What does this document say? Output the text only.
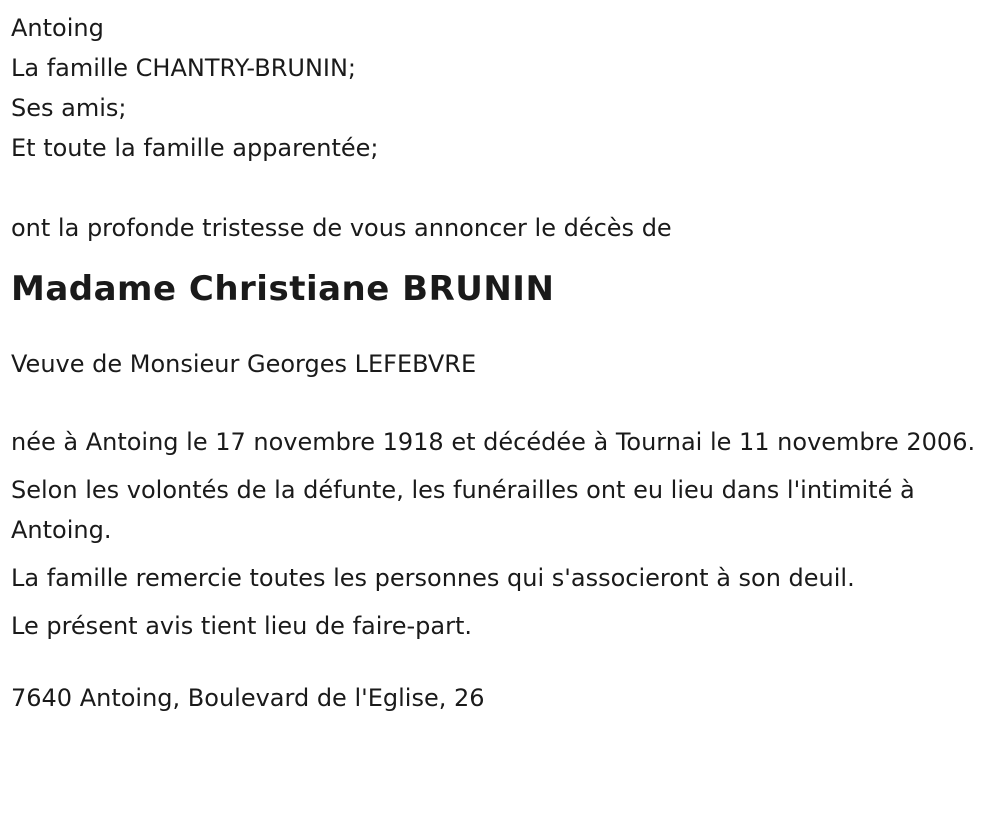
Antoing

La famille CHANTRY-BRUNIN;

Ses amis;

Et toute la famille apparentée;

ont la profonde tristesse de vous annoncer le décès de

Madame Christiane BRUNIN

Veuve de Monsieur Georges LEFEBVRE

née à Antoing le 17 novembre 1918 et décédée à Tournai le 11 novembre 2006.

Selon les volontés de la défunte, les funérailles ont eu lieu dans l'intimité à Antoing.

La famille remercie toutes les personnes qui s'associeront à son deuil.

Le présent avis tient lieu de faire-part.

7640 Antoing, Boulevard de l'Eglise, 26
